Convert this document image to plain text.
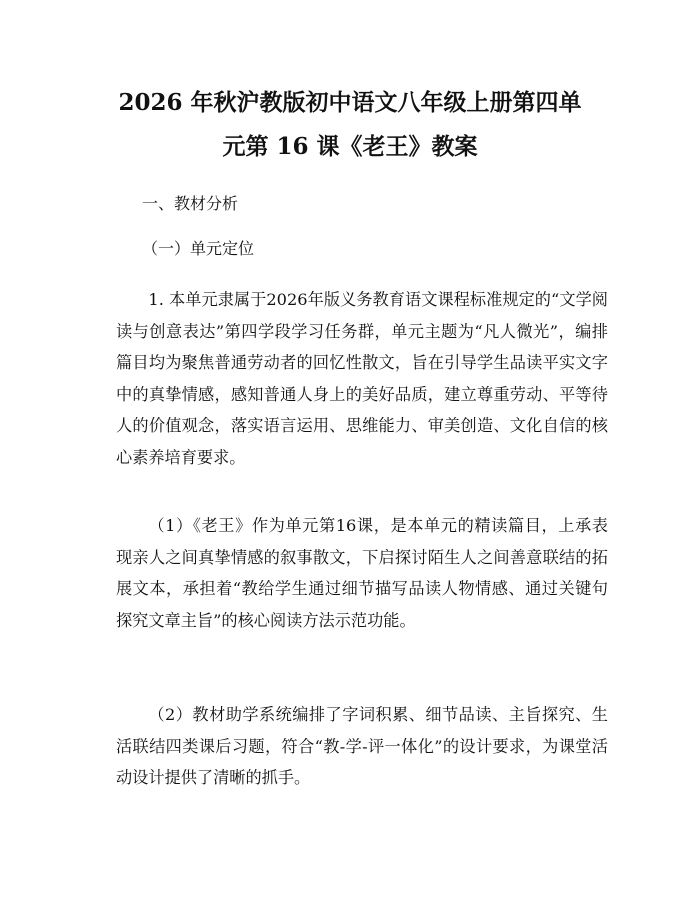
2026 年秋沪教版初中语文八年级上册第四单
元第 16 课《老王》教案

一、教材分析

（一）单元定位

1. 本单元隶属于2026年版义务教育语文课程标准规定的“文学阅读与创意表达”第四学段学习任务群，单元主题为“凡人微光”，编排篇目均为聚焦普通劳动者的回忆性散文，旨在引导学生品读平实文字中的真挚情感，感知普通人身上的美好品质，建立尊重劳动、平等待人的价值观念，落实语言运用、思维能力、审美创造、文化自信的核心素养培育要求。

（1）《老王》作为单元第16课，是本单元的精读篇目，上承表现亲人之间真挚情感的叙事散文，下启探讨陌生人之间善意联结的拓展文本，承担着“教给学生通过细节描写品读人物情感、通过关键句探究文章主旨”的核心阅读方法示范功能。

（2）教材助学系统编排了字词积累、细节品读、主旨探究、生活联结四类课后习题，符合“教-学-评一体化”的设计要求，为课堂活动设计提供了清晰的抓手。
